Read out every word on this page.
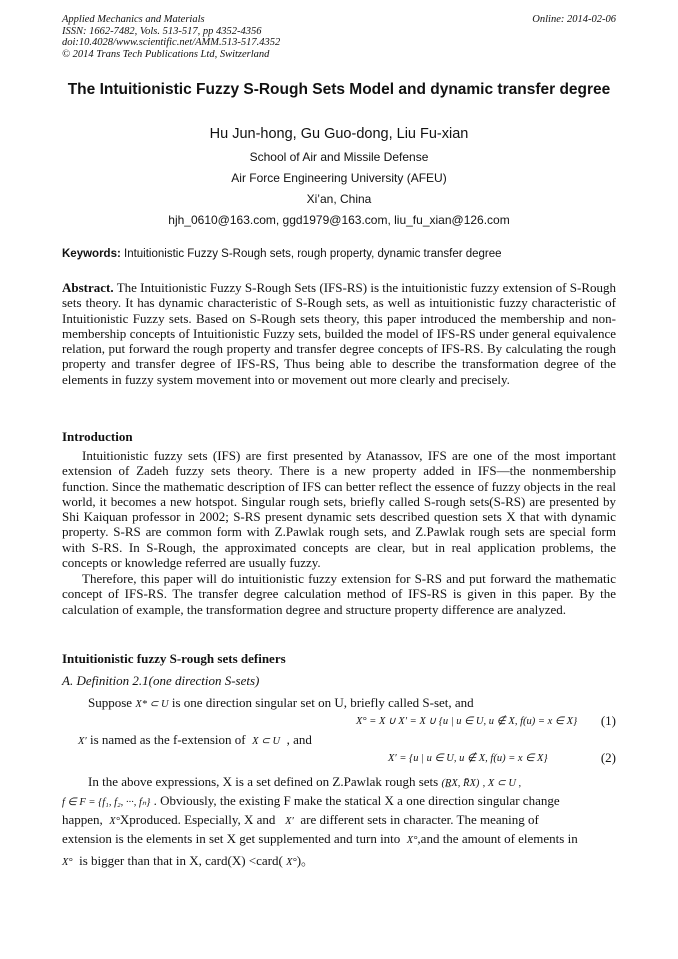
Applied Mechanics and Materials
ISSN: 1662-7482, Vols. 513-517, pp 4352-4356
doi:10.4028/www.scientific.net/AMM.513-517.4352
© 2014 Trans Tech Publications Ltd, Switzerland
Online: 2014-02-06
The Intuitionistic Fuzzy S-Rough Sets Model and dynamic transfer degree
Hu Jun-hong, Gu Guo-dong, Liu Fu-xian
School of Air and Missile Defense
Air Force Engineering University (AFEU)
Xi’an, China
hjh_0610@163.com, ggd1979@163.com, liu_fu_xian@126.com
Keywords: Intuitionistic Fuzzy S-Rough sets, rough property, dynamic transfer degree
Abstract. The Intuitionistic Fuzzy S-Rough Sets (IFS-RS) is the intuitionistic fuzzy extension of S-Rough sets theory. It has dynamic characteristic of S-Rough sets, as well as intuitionistic fuzzy characteristic of Intuitionistic Fuzzy sets. Based on S-Rough sets theory, this paper introduced the membership and non-membership concepts of Intuitionistic Fuzzy sets, builded the model of IFS-RS under general equivalence relation, put forward the rough property and transfer degree concepts of IFS-RS. By calculating the rough property and transfer degree of IFS-RS, Thus being able to describe the transformation degree of the elements in fuzzy system movement into or movement out more clearly and precisely.
Introduction
Intuitionistic fuzzy sets (IFS) are first presented by Atanassov, IFS are one of the most important extension of Zadeh fuzzy sets theory. There is a new property added in IFS—the nonmembership function. Since the mathematic description of IFS can better reflect the essence of fuzzy objects in the real world, it becomes a new hotspot. Singular rough sets, briefly called S-rough sets(S-RS) are presented by Shi Kaiquan professor in 2002; S-RS present dynamic sets described question sets X that with dynamic property. S-RS are common form with Z.Pawlak rough sets, and Z.Pawlak rough sets are special form with S-RS. In S-Rough, the approximated concepts are clear, but in real application problems, the concepts or knowledge referred are usually fuzzy.
Therefore, this paper will do intuitionistic fuzzy extension for S-RS and put forward the mathematic concept of IFS-RS. The transfer degree calculation method of IFS-RS is given in this paper. By the calculation of example, the transformation degree and structure property difference are analyzed.
Intuitionistic fuzzy S-rough sets definers
A. Definition 2.1(one direction S-sets)
Suppose X* ⊂ U is one direction singular set on U, briefly called S-set, and
X° = X ∪ X′ = X ∪ {u | u ∈ U, u ∉ X, f(u) = x ∈ X} (1)
X′ is named as the f-extension of X ⊂ U , and
X′ = {u | u ∈ U, u ∉ X, f(u) = x ∈ X}	(2)
In the above expressions, X is a set defined on Z.Pawlak rough sets (R̲X, R̄X) , X ⊂ U ,
f ∈ F = {f₁, f₂, ···, fₙ} . Obviously, the existing F make the statical X a one direction singular change
happen, X°Xproduced. Especially, X and X′ are different sets in character. The meaning of
extension is the elements in set X get supplemented and turn into X°,and the amount of elements in
X° is bigger than that in X, card(X) <card( X°)。
